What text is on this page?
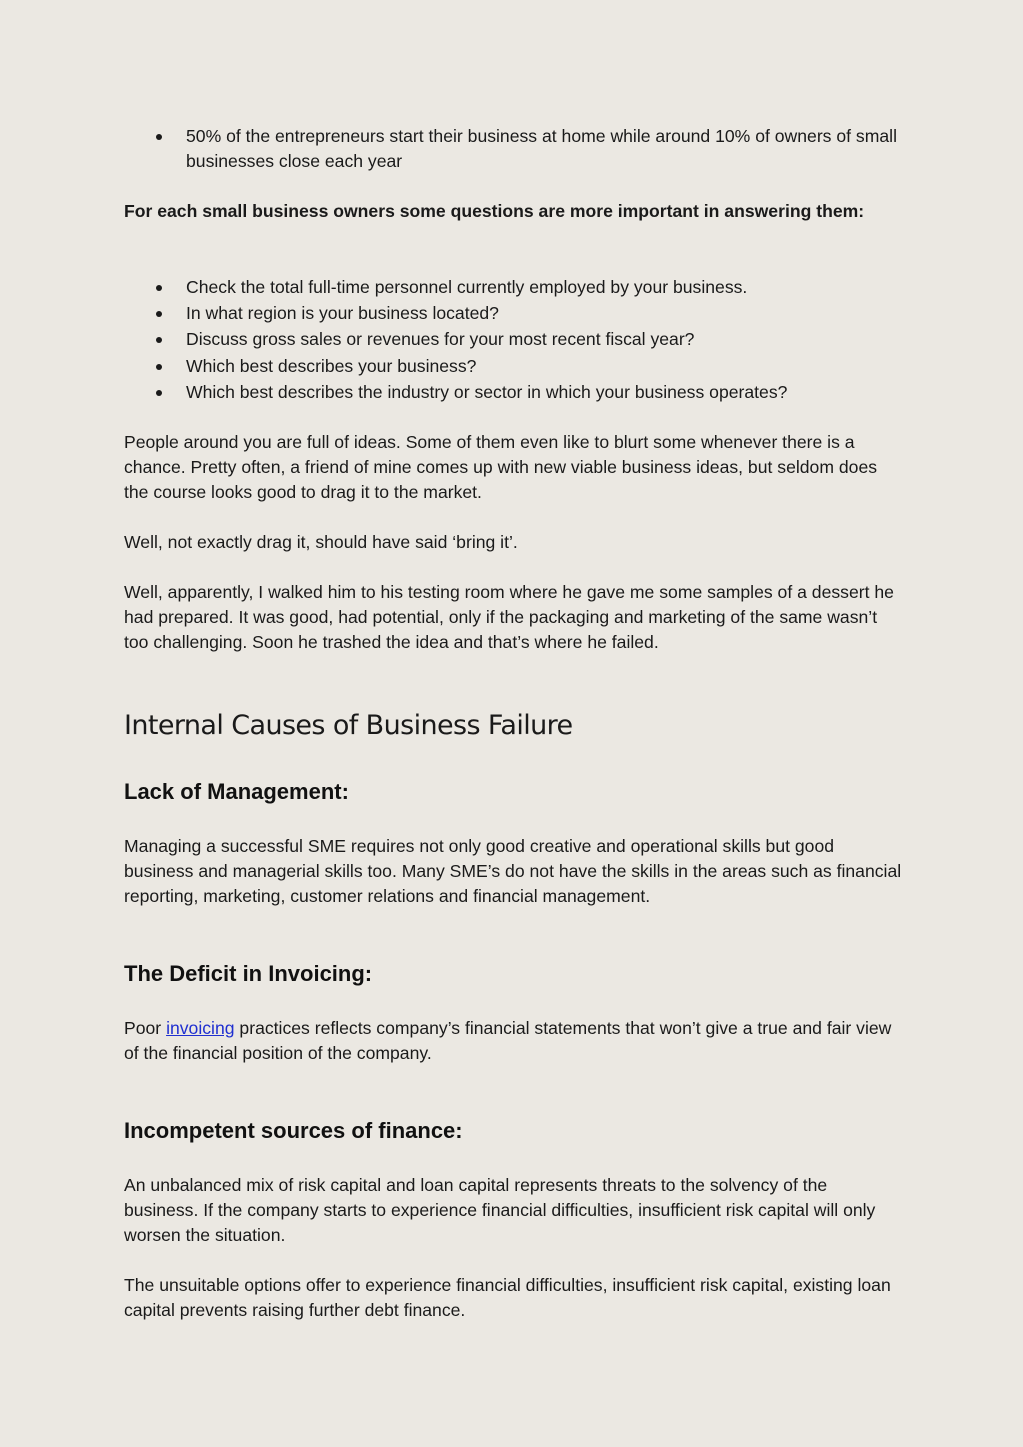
50% of the entrepreneurs start their business at home while around 10% of owners of small businesses close each year

For each small business owners some questions are more important in answering them:

Check the total full-time personnel currently employed by your business.
In what region is your business located?
Discuss gross sales or revenues for your most recent fiscal year?
Which best describes your business?
Which best describes the industry or sector in which your business operates?

People around you are full of ideas. Some of them even like to blurt some whenever there is a chance. Pretty often, a friend of mine comes up with new viable business ideas, but seldom does the course looks good to drag it to the market.

Well, not exactly drag it, should have said ‘bring it’.

Well, apparently, I walked him to his testing room where he gave me some samples of a dessert he had prepared. It was good, had potential, only if the packaging and marketing of the same wasn’t too challenging. Soon he trashed the idea and that’s where he failed.

Internal Causes of Business Failure
Lack of Management:

Managing a successful SME requires not only good creative and operational skills but good business and managerial skills too. Many SME’s do not have the skills in the areas such as financial reporting, marketing, customer relations and financial management.

The Deficit in Invoicing:

Poor invoicing practices reflects company’s financial statements that won’t give a true and fair view of the financial position of the company.

Incompetent sources of finance:

An unbalanced mix of risk capital and loan capital represents threats to the solvency of the business. If the company starts to experience financial difficulties, insufficient risk capital will only worsen the situation.

The unsuitable options offer to experience financial difficulties, insufficient risk capital, existing loan capital prevents raising further debt finance.
